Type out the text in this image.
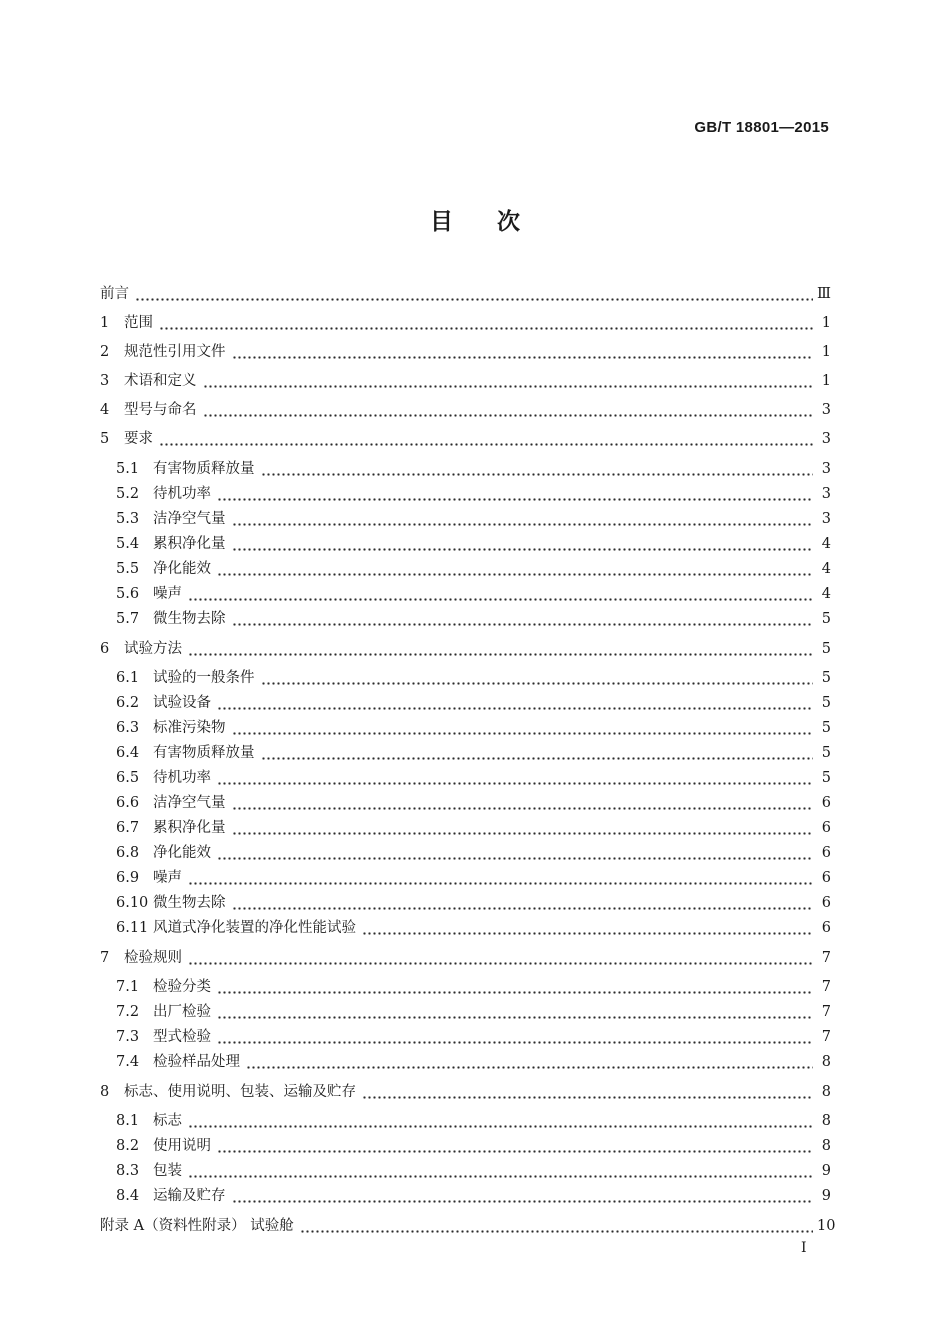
GB/T 18801—2015
目 次
前言	Ⅲ
1	范围	1
2	规范性引用文件	1
3	术语和定义	1
4	型号与命名	3
5	要求	3
5.1 有害物质释放量	3
5.2 待机功率	3
5.3 洁净空气量	3
5.4 累积净化量	4
5.5 净化能效	4
5.6 噪声	4
5.7 微生物去除	5
6	试验方法	5
6.1 试验的一般条件	5
6.2 试验设备	5
6.3 标准污染物	5
6.4 有害物质释放量	5
6.5 待机功率	5
6.6 洁净空气量	6
6.7 累积净化量	6
6.8 净化能效	6
6.9 噪声	6
6.10 微生物去除	6
6.11 风道式净化装置的净化性能试验	6
7	检验规则	7
7.1 检验分类	7
7.2 出厂检验	7
7.3 型式检验	7
7.4 检验样品处理	8
8	标志、使用说明、包装、运输及贮存	8
8.1 标志	8
8.2 使用说明	8
8.3 包装	9
8.4 运输及贮存	9
附录 A（资料性附录） 试验舱	10
I
